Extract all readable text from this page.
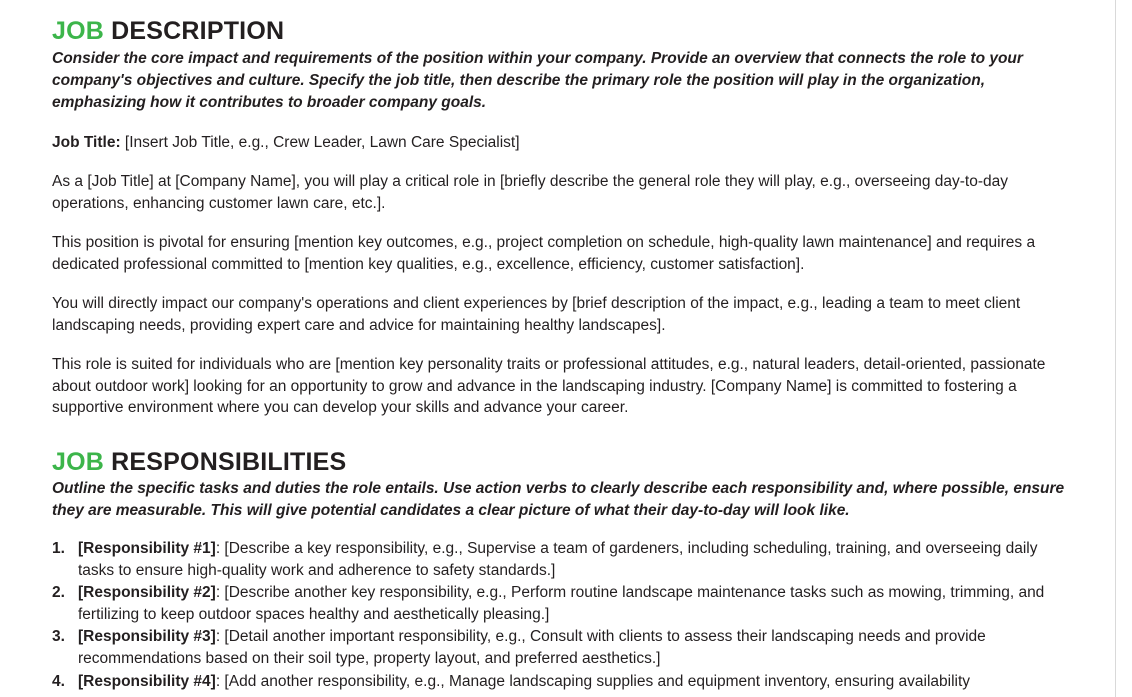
JOB DESCRIPTION

Consider the core impact and requirements of the position within your company. Provide an overview that connects the role to your company's objectives and culture. Specify the job title, then describe the primary role the position will play in the organization, emphasizing how it contributes to broader company goals.

Job Title: [Insert Job Title, e.g., Crew Leader, Lawn Care Specialist]

As a [Job Title] at [Company Name], you will play a critical role in [briefly describe the general role they will play, e.g., overseeing day-to-day operations, enhancing customer lawn care, etc.].

This position is pivotal for ensuring [mention key outcomes, e.g., project completion on schedule, high-quality lawn maintenance] and requires a dedicated professional committed to [mention key qualities, e.g., excellence, efficiency, customer satisfaction].

You will directly impact our company's operations and client experiences by [brief description of the impact, e.g., leading a team to meet client landscaping needs, providing expert care and advice for maintaining healthy landscapes].

This role is suited for individuals who are [mention key personality traits or professional attitudes, e.g., natural leaders, detail-oriented, passionate about outdoor work] looking for an opportunity to grow and advance in the landscaping industry. [Company Name] is committed to fostering a supportive environment where you can develop your skills and advance your career.

JOB RESPONSIBILITIES

Outline the specific tasks and duties the role entails. Use action verbs to clearly describe each responsibility and, where possible, ensure they are measurable. This will give potential candidates a clear picture of what their day-to-day will look like.

[Responsibility #1]: [Describe a key responsibility, e.g., Supervise a team of gardeners, including scheduling, training, and overseeing daily tasks to ensure high-quality work and adherence to safety standards.]
[Responsibility #2]: [Describe another key responsibility, e.g., Perform routine landscape maintenance tasks such as mowing, trimming, and fertilizing to keep outdoor spaces healthy and aesthetically pleasing.]
[Responsibility #3]: [Detail another important responsibility, e.g., Consult with clients to assess their landscaping needs and provide recommendations based on their soil type, property layout, and preferred aesthetics.]
[Responsibility #4]: [Add another responsibility, e.g., Manage landscaping supplies and equipment inventory, ensuring availability
